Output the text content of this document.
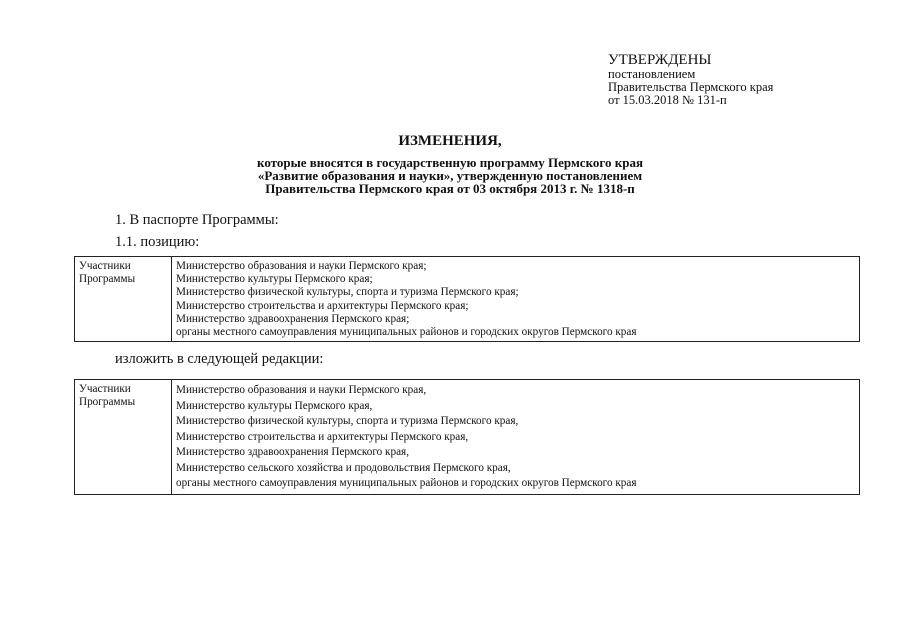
УТВЕРЖДЕНЫ
постановлением
Правительства Пермского края
от 15.03.2018 № 131-п
ИЗМЕНЕНИЯ,
которые вносятся в государственную программу Пермского края
«Развитие образования и науки», утвержденную постановлением
Правительства Пермского края от 03 октября 2013 г. № 1318-п
1. В паспорте Программы:
1.1. позицию:
Участники
Программы

Министерство образования и науки Пермского края;
Министерство культуры Пермского края;
Министерство физической культуры, спорта и туризма Пермского края;
Министерство строительства и архитектуры Пермского края;
Министерство здравоохранения Пермского края;
органы местного самоуправления муниципальных районов и городских округов Пермского края
изложить в следующей редакции:
Участники
Программы

Министерство образования и науки Пермского края,
Министерство культуры Пермского края,
Министерство физической культуры, спорта и туризма Пермского края,
Министерство строительства и архитектуры Пермского края,
Министерство здравоохранения Пермского края,
Министерство сельского хозяйства и продовольствия Пермского края,
органы местного самоуправления муниципальных районов и городских округов Пермского края
